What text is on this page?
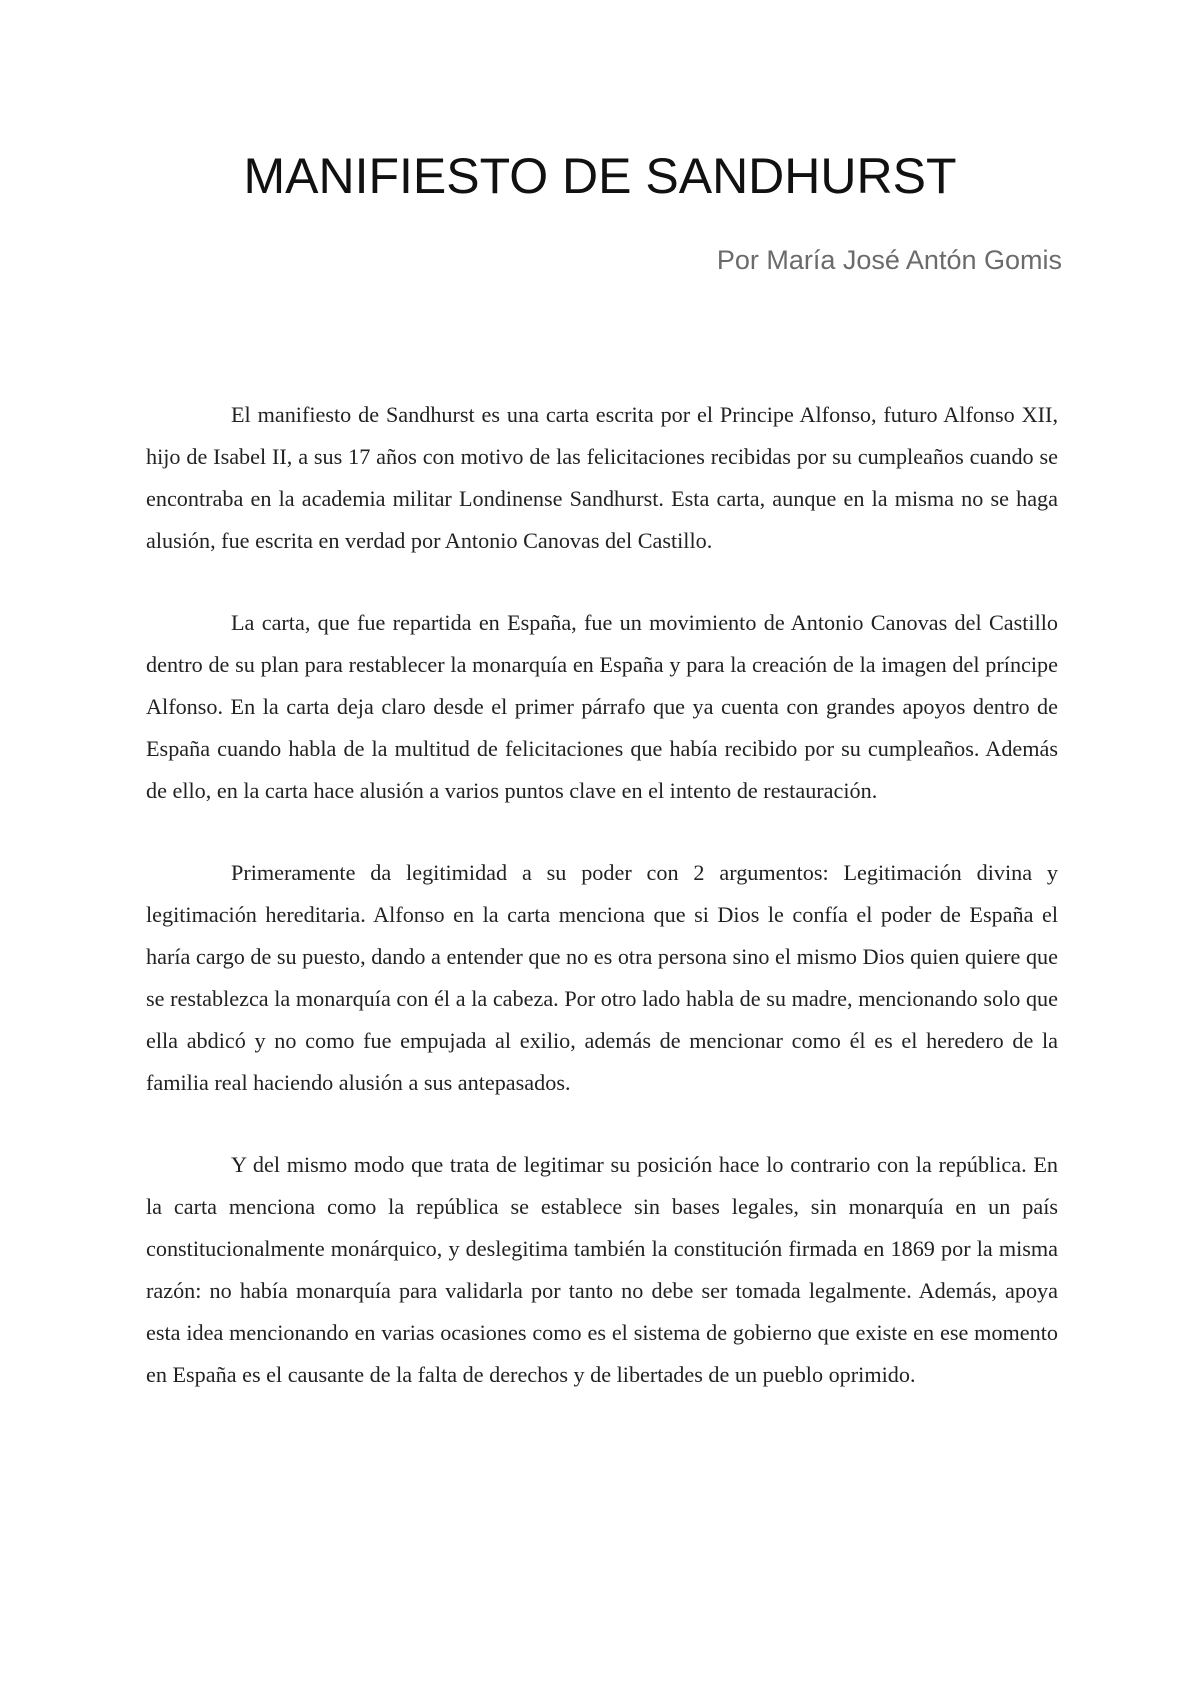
MANIFIESTO DE SANDHURST

Por María José Antón Gomis

El manifiesto de Sandhurst es una carta escrita por el Principe Alfonso, futuro Alfonso XII, hijo de Isabel II, a sus 17 años con motivo de las felicitaciones recibidas por su cumpleaños cuando se encontraba en la academia militar Londinense Sandhurst. Esta carta, aunque en la misma no se haga alusión, fue escrita en verdad por Antonio Canovas del Castillo.

La carta, que fue repartida en España, fue un movimiento de Antonio Canovas del Castillo dentro de su plan para restablecer la monarquía en España y para la creación de la imagen del príncipe Alfonso. En la carta deja claro desde el primer párrafo que ya cuenta con grandes apoyos dentro de España cuando habla de la multitud de felicitaciones que había recibido por su cumpleaños. Además de ello, en la carta hace alusión a varios puntos clave en el intento de restauración.

Primeramente da legitimidad a su poder con 2 argumentos: Legitimación divina y legitimación hereditaria. Alfonso en la carta menciona que si Dios le confía el poder de España el haría cargo de su puesto, dando a entender que no es otra persona sino el mismo Dios quien quiere que se restablezca la monarquía con él a la cabeza. Por otro lado habla de su madre, mencionando solo que ella abdicó y no como fue empujada al exilio, además de mencionar como él es el heredero de la familia real haciendo alusión a sus antepasados.

Y del mismo modo que trata de legitimar su posición hace lo contrario con la república. En la carta menciona como la república se establece sin bases legales, sin monarquía en un país constitucionalmente monárquico, y deslegitima también la constitución firmada en 1869 por la misma razón: no había monarquía para validarla por tanto no debe ser tomada legalmente. Además, apoya esta idea mencionando en varias ocasiones como es el sistema de gobierno que existe en ese momento en España es el causante de la falta de derechos y de libertades de un pueblo oprimido.
